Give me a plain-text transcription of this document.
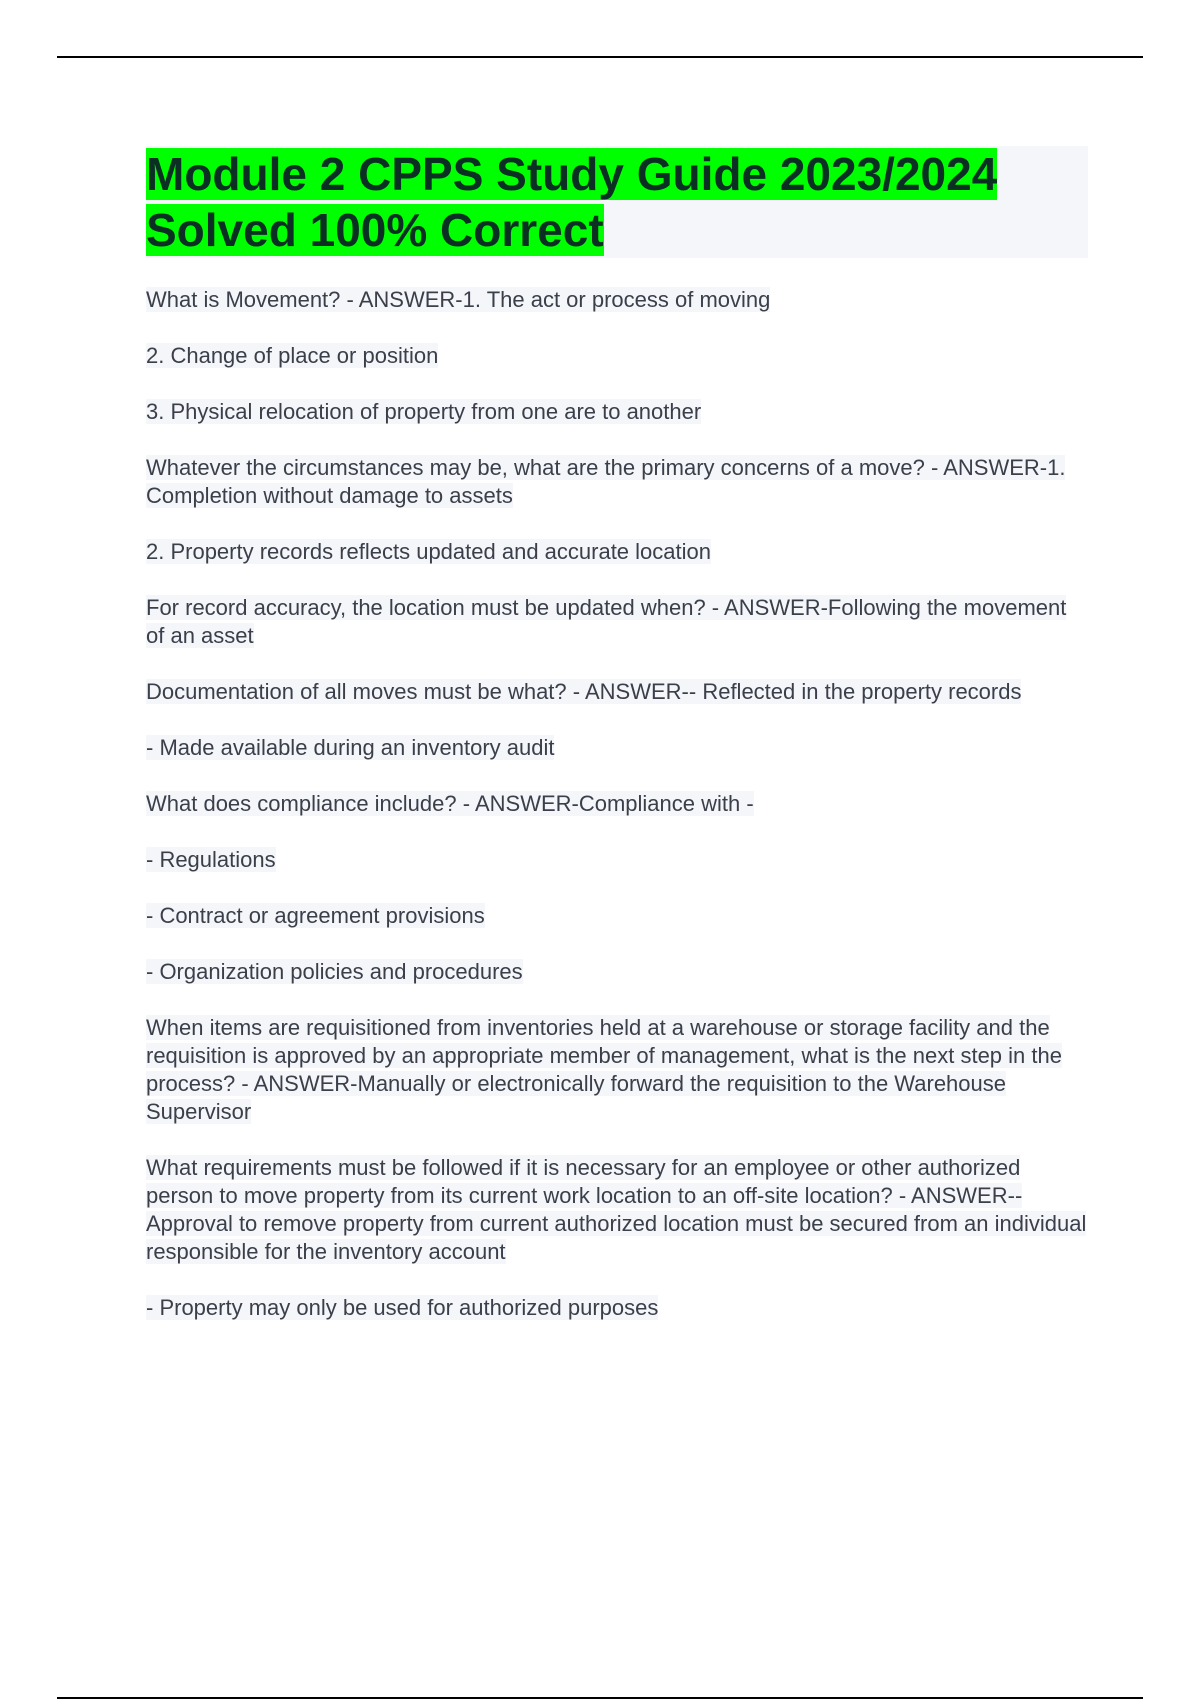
Module 2 CPPS Study Guide 2023/2024 Solved 100% Correct

What is Movement? - ANSWER-1. The act or process of moving

2. Change of place or position

3. Physical relocation of property from one are to another

Whatever the circumstances may be, what are the primary concerns of a move? - ANSWER-1. Completion without damage to assets

2. Property records reflects updated and accurate location

For record accuracy, the location must be updated when? - ANSWER-Following the movement of an asset

Documentation of all moves must be what? - ANSWER-- Reflected in the property records

- Made available during an inventory audit

What does compliance include? - ANSWER-Compliance with -

- Regulations

- Contract or agreement provisions

- Organization policies and procedures

When items are requisitioned from inventories held at a warehouse or storage facility and the requisition is approved by an appropriate member of management, what is the next step in the process? - ANSWER-Manually or electronically forward the requisition to the Warehouse Supervisor

What requirements must be followed if it is necessary for an employee or other authorized person to move property from its current work location to an off-site location? - ANSWER-- Approval to remove property from current authorized location must be secured from an individual responsible for the inventory account

- Property may only be used for authorized purposes
